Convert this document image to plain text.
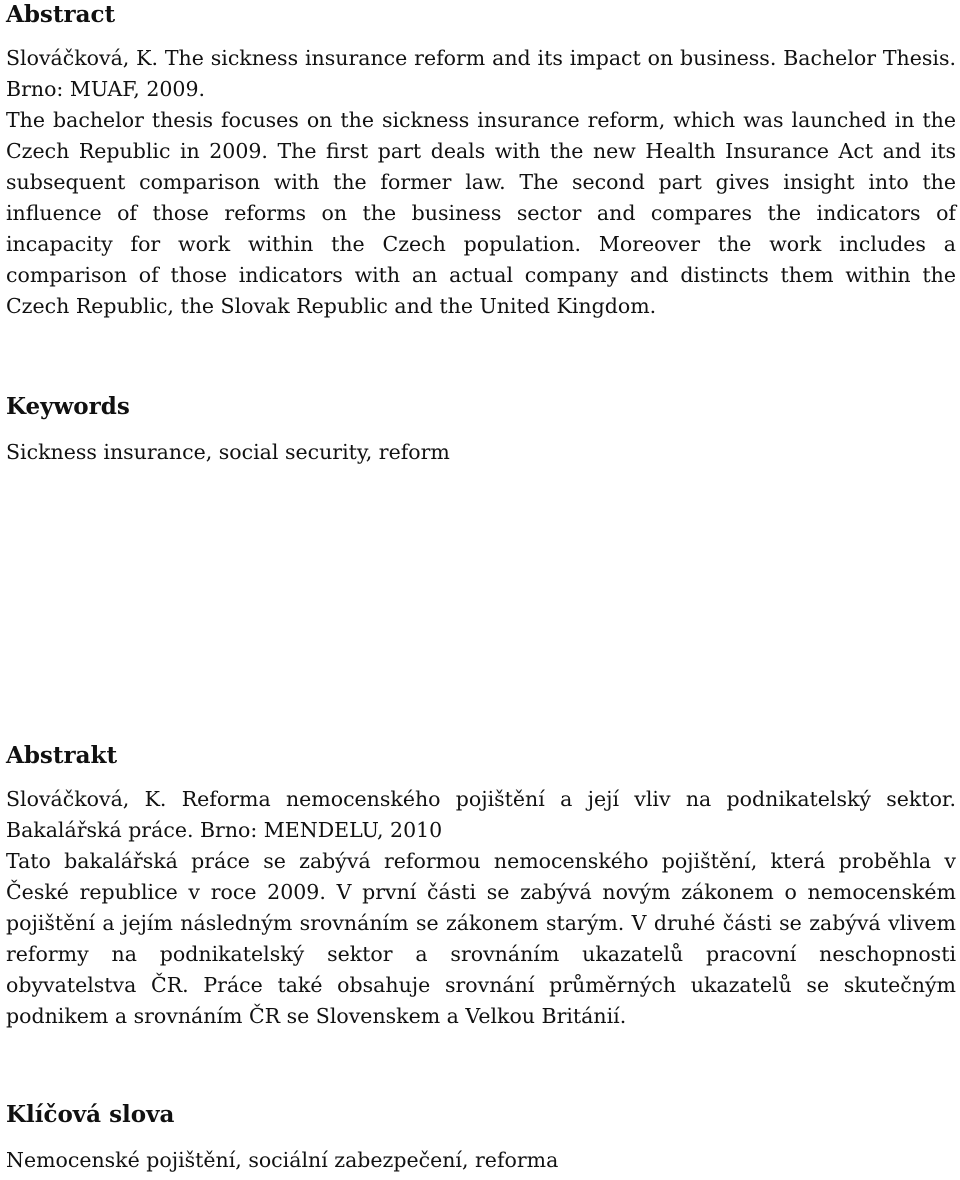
Abstract

Slováčková, K. The sickness insurance reform and its impact on business. Bachelor Thesis. Brno: MUAF, 2009.

The bachelor thesis focuses on the sickness insurance reform, which was launched in the Czech Republic in 2009. The first part deals with the new Health Insurance Act and its subsequent comparison with the former law. The second part gives insight into the influence of those reforms on the business sector and compares the indicators of incapacity for work within the Czech population. Moreover the work includes a comparison of those indicators with an actual company and distincts them within the Czech Republic, the Slovak Republic and the United Kingdom.

Keywords

Sickness insurance, social security, reform

Abstrakt

Slováčková, K. Reforma nemocenského pojištění a její vliv na podnikatelský sektor. Bakalářská práce. Brno: MENDELU, 2010

Tato bakalářská práce se zabývá reformou nemocenského pojištění, která proběhla v České republice v roce 2009. V první části se zabývá novým zákonem o nemocenském pojištění a jejím následným srovnáním se zákonem starým. V druhé části se zabývá vlivem reformy na podnikatelský sektor a srovnáním ukazatelů pracovní neschopnosti obyvatelstva ČR. Práce také obsahuje srovnání průměrných ukazatelů se skutečným podnikem a srovnáním ČR se Slovenskem a Velkou Británií.

Klíčová slova

Nemocenské pojištění, sociální zabezpečení, reforma
